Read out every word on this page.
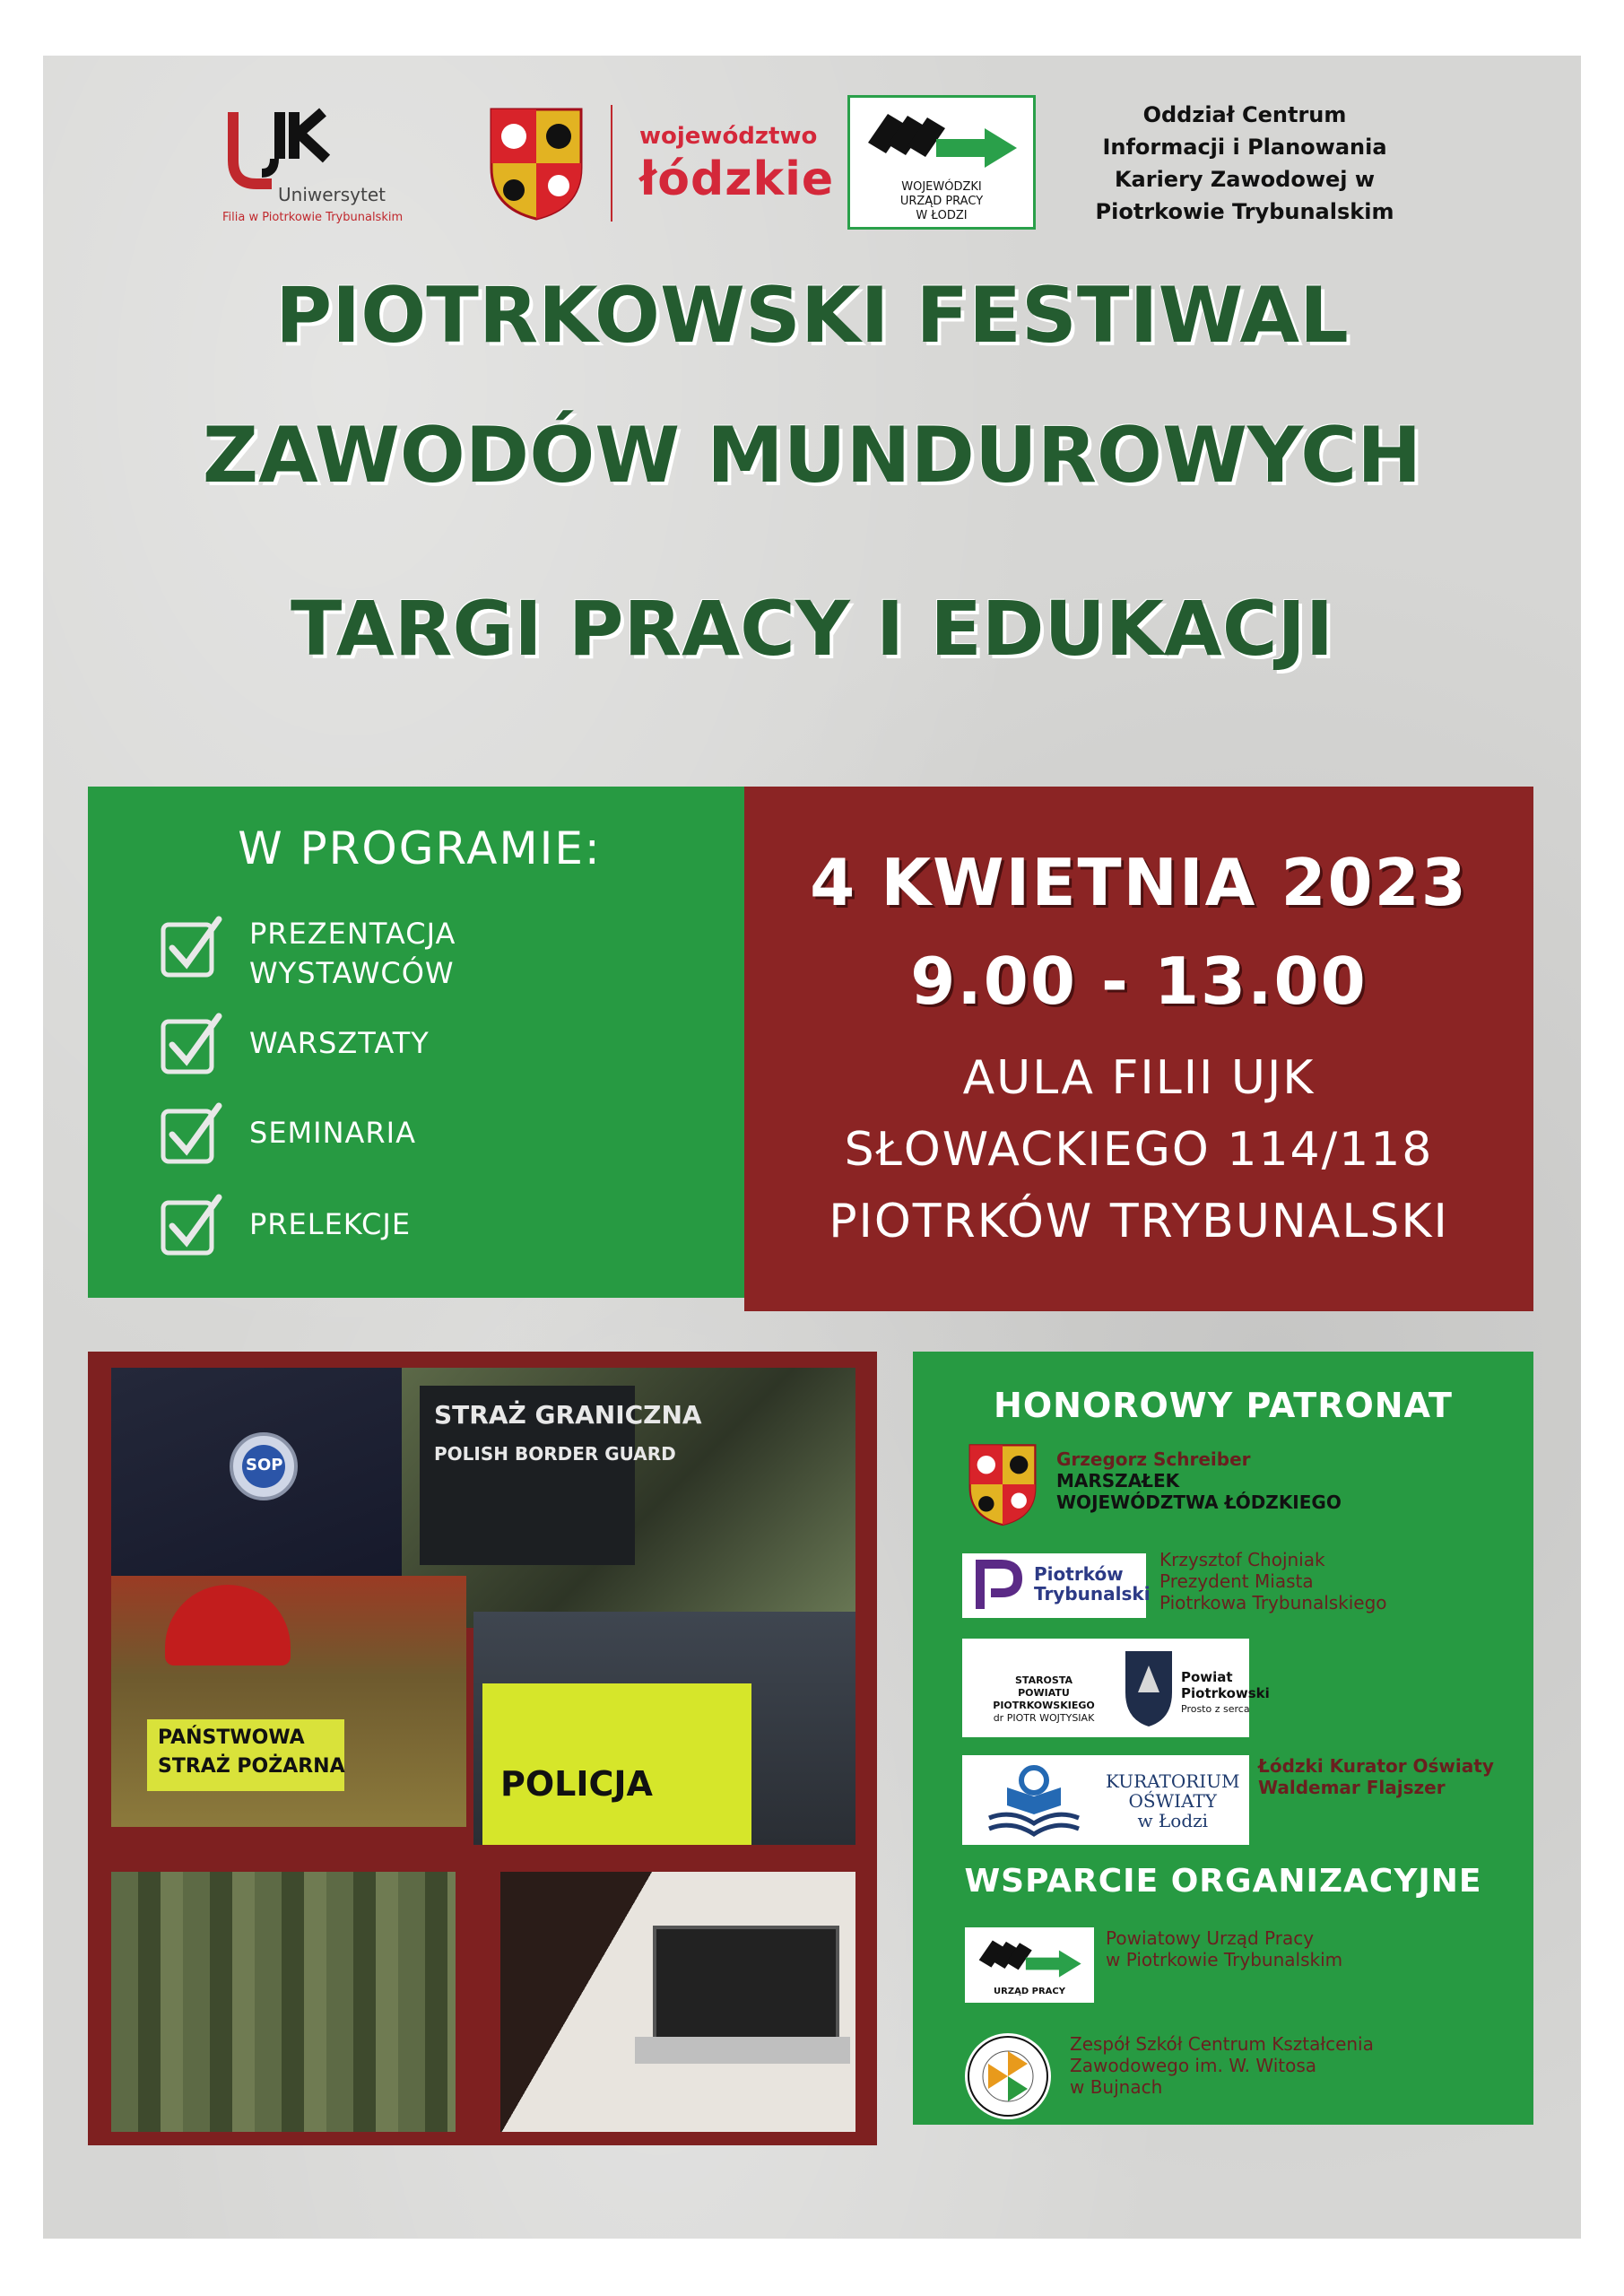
Uniwersytet
Filia w Piotrkowie Trybunalskim
województwo
łódzkie	WOJEWÓDZKI
URZĄD PRACY
W ŁODZI
Oddział Centrum
Informacji i Planowania
Kariery Zawodowej w
Piotrkowie Trybunalskim
PIOTRKOWSKI FESTIWAL
ZAWODÓW MUNDUROWYCH
TARGI PRACY I EDUKACJI
W PROGRAMIE:
PREZENTACJA
WYSTAWCÓW
WARSZTATY
SEMINARIA
PRELEKCJE
4 KWIETNIA 2023
9.00 - 13.00
AULA FILII UJK
SŁOWACKIEGO 114/118
PIOTRKÓW TRYBUNALSKI
SOP
STRAŻ GRANICZNA
POLISH BORDER GUARD
PAŃSTWOWA
STRAŻ POŻARNA	POLICJA
HONOROWY PATRONAT
Grzegorz Schreiber
MARSZAŁEK
WOJEWÓDZTWA ŁÓDZKIEGO
Piotrków
Trybunalski
Krzysztof Chojniak
Prezydent Miasta
Piotrkowa Trybunalskiego
STAROSTA
POWIATU PIOTRKOWSKIEGO
dr PIOTR WOJTYSIAK
Powiat
Piotrkowski
Prosto z serca
KURATORIUM
OŚWIATY
w Łodzi
Łódzki Kurator Oświaty
Waldemar Flajszer
WSPARCIE ORGANIZACYJNE
URZĄD PRACY
Powiatowy Urząd Pracy
w Piotrkowie Trybunalskim
Zespół Szkół Centrum Kształcenia
Zawodowego im. W. Witosa
w Bujnach
